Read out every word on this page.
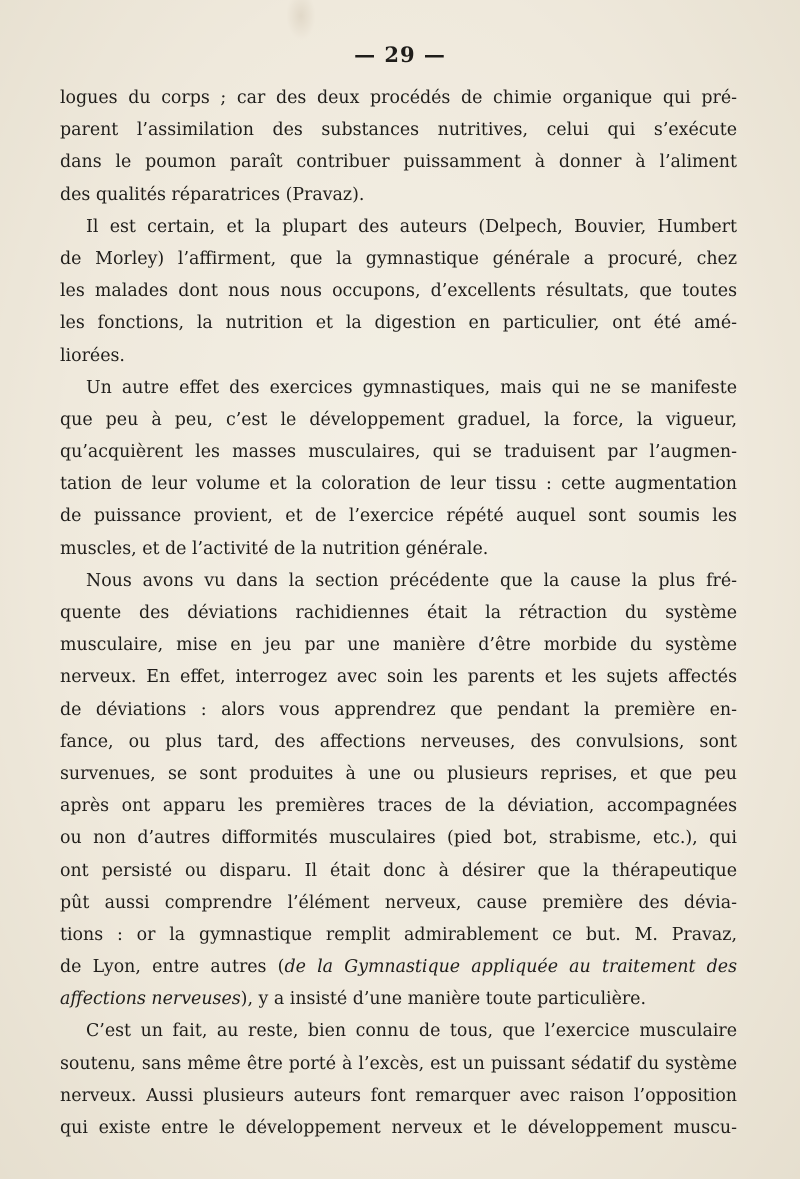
— 29 —
logues du corps ; car des deux procédés de chimie organique qui pré-
parent l’assimilation des substances nutritives, celui qui s’exécute
dans le poumon paraît contribuer puissamment à donner à l’aliment
des qualités réparatrices (Pravaz).
Il est certain, et la plupart des auteurs (Delpech, Bouvier, Humbert
de Morley) l’affirment, que la gymnastique générale a procuré, chez
les malades dont nous nous occupons, d’excellents résultats, que toutes
les fonctions, la nutrition et la digestion en particulier, ont été amé-
liorées.
Un autre effet des exercices gymnastiques, mais qui ne se manifeste
que peu à peu, c’est le développement graduel, la force, la vigueur,
qu’acquièrent les masses musculaires, qui se traduisent par l’augmen-
tation de leur volume et la coloration de leur tissu : cette augmentation
de puissance provient, et de l’exercice répété auquel sont soumis les
muscles, et de l’activité de la nutrition générale.
Nous avons vu dans la section précédente que la cause la plus fré-
quente des déviations rachidiennes était la rétraction du système
musculaire, mise en jeu par une manière d’être morbide du système
nerveux. En effet, interrogez avec soin les parents et les sujets affectés
de déviations : alors vous apprendrez que pendant la première en-
fance, ou plus tard, des affections nerveuses, des convulsions, sont
survenues, se sont produites à une ou plusieurs reprises, et que peu
après ont apparu les premières traces de la déviation, accompagnées
ou non d’autres difformités musculaires (pied bot, strabisme, etc.), qui
ont persisté ou disparu. Il était donc à désirer que la thérapeutique
pût aussi comprendre l’élément nerveux, cause première des dévia-
tions : or la gymnastique remplit admirablement ce but. M. Pravaz,
de Lyon, entre autres (de la Gymnastique appliquée au traitement des
affections nerveuses), y a insisté d’une manière toute particulière.
C’est un fait, au reste, bien connu de tous, que l’exercice musculaire
soutenu, sans même être porté à l’excès, est un puissant sédatif du système
nerveux. Aussi plusieurs auteurs font remarquer avec raison l’opposition
qui existe entre le développement nerveux et le développement muscu-
